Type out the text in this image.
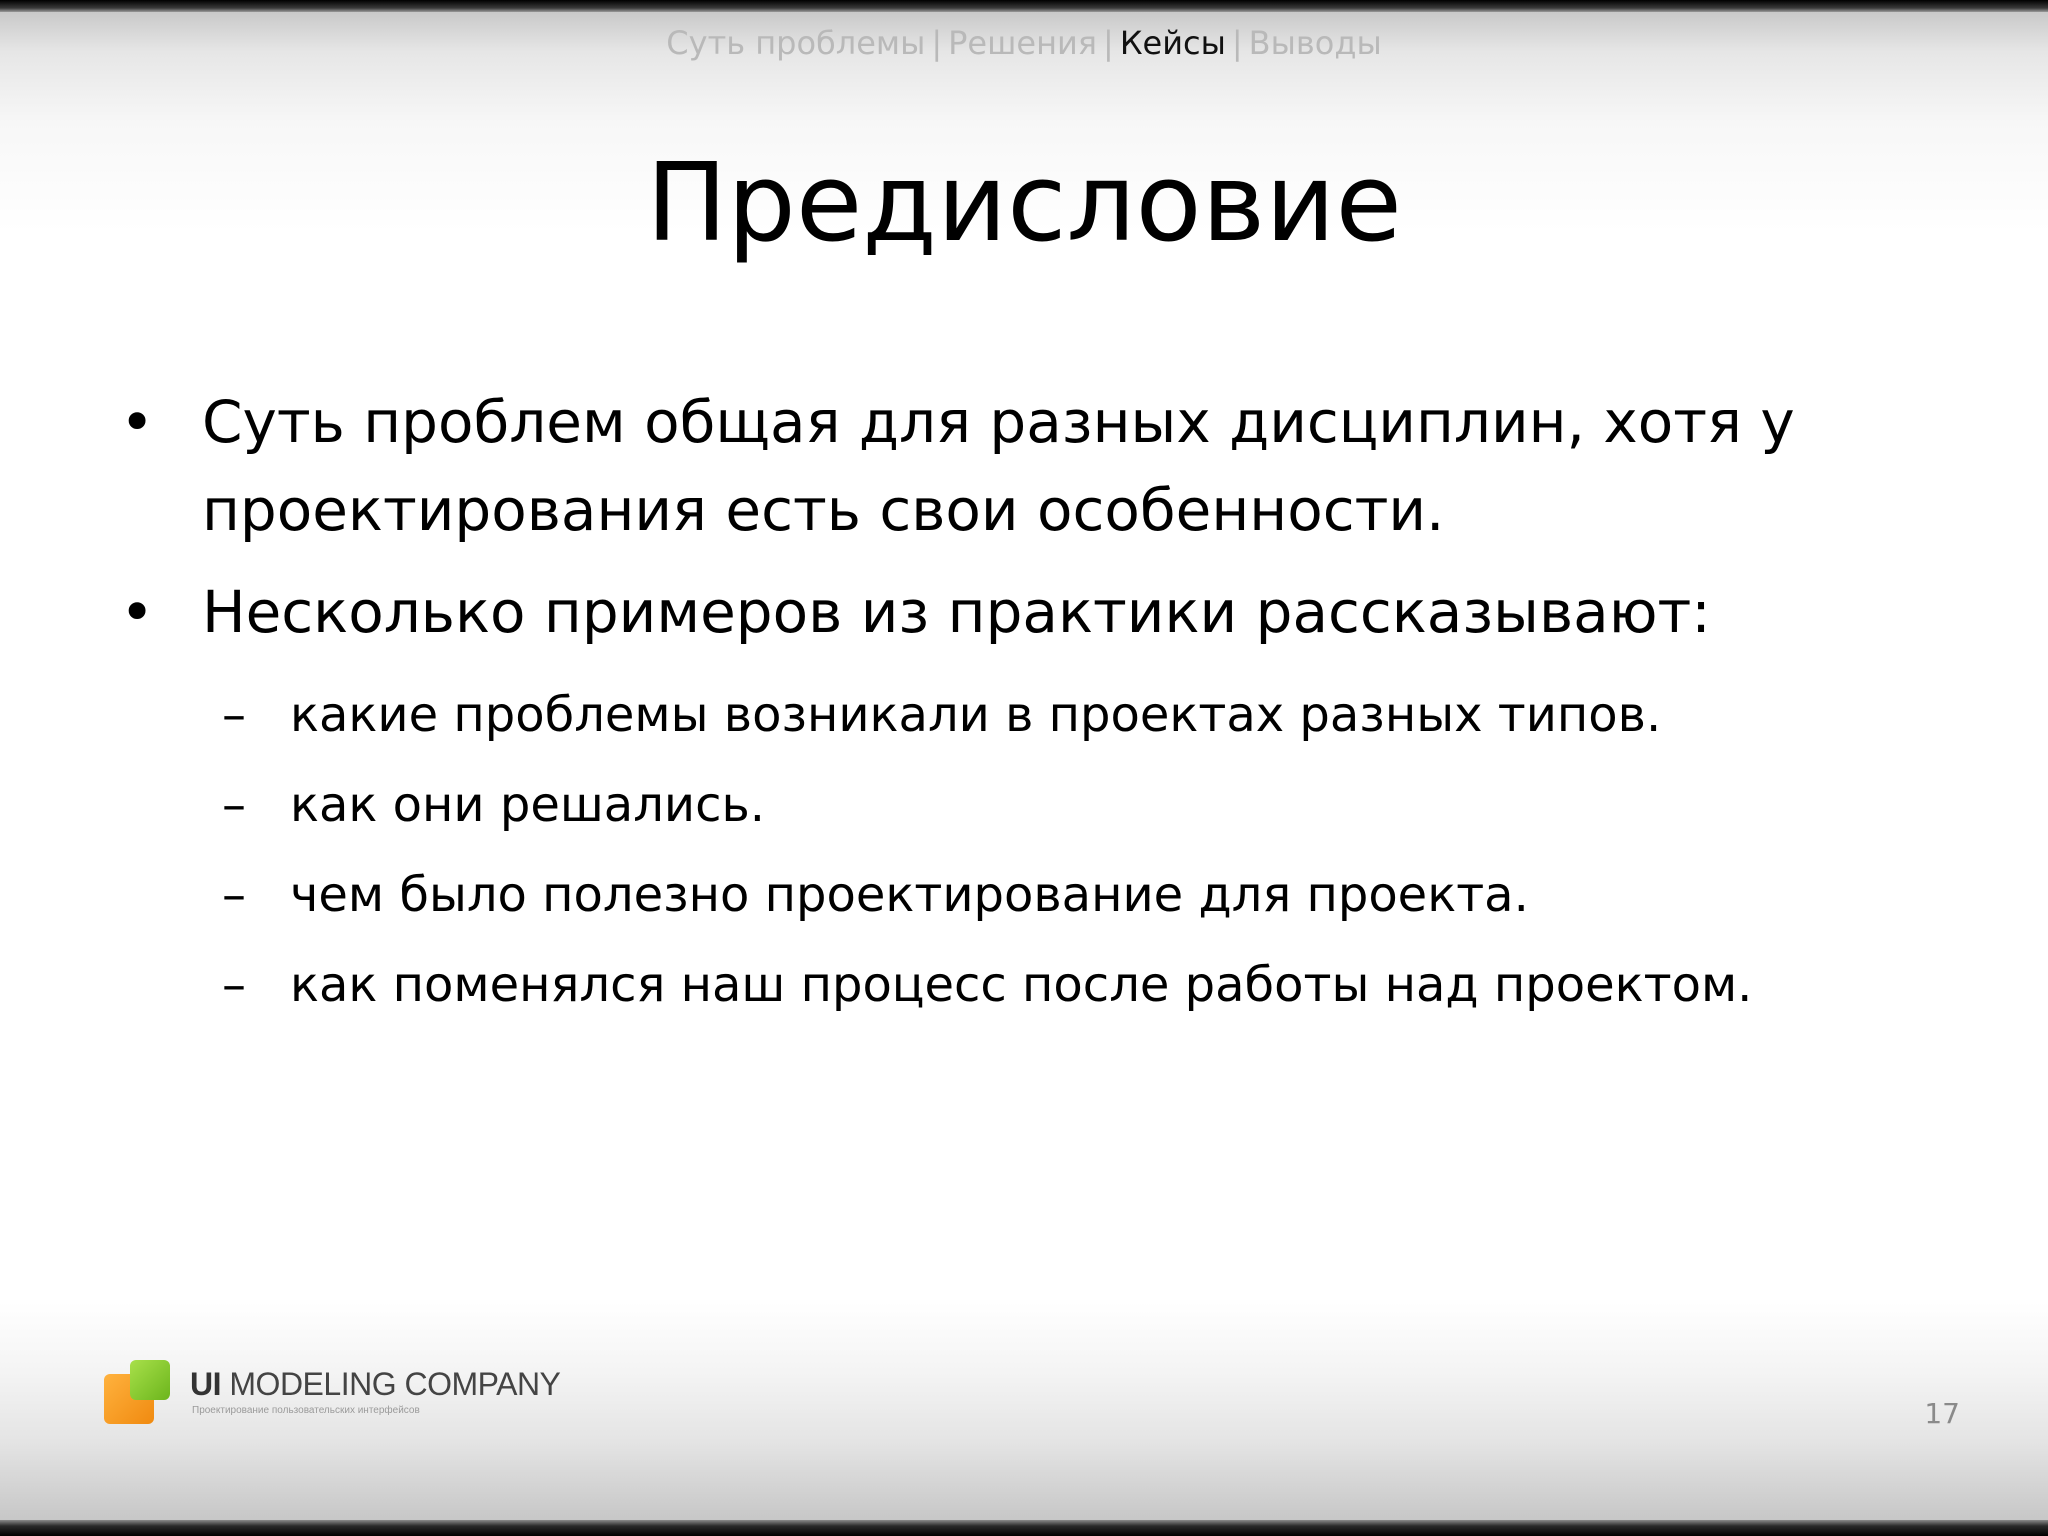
Суть проблемы | Решения | Кейсы | Выводы
Предисловие
• Суть проблем общая для разных дисциплин, хотя у проектирования есть свои особенности.
• Несколько примеров из практики рассказывают:
– какие проблемы возникали в проектах разных типов.
– как они решались.
– чем было полезно проектирование для проекта.
– как поменялся наш процесс после работы над проектом.
UI MODELING COMPANY
Проектирование пользовательских интерфейсов	17
